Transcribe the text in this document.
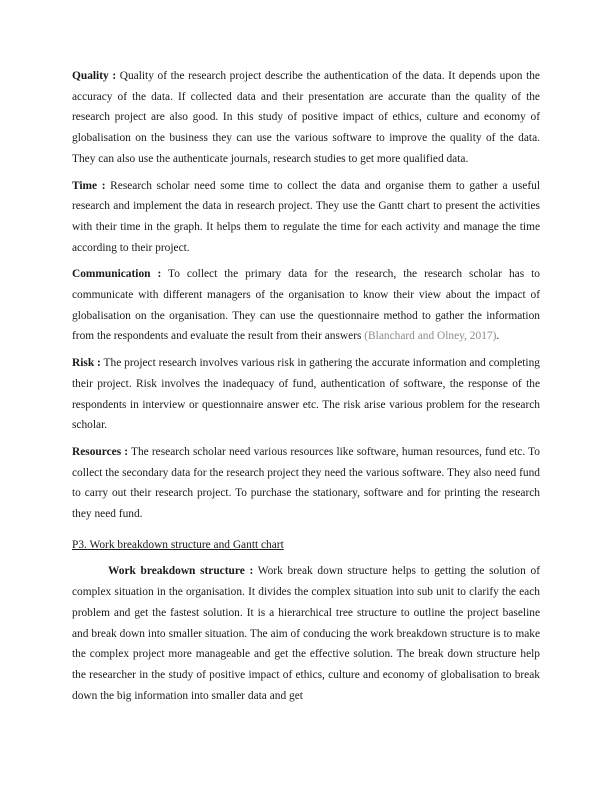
Quality : Quality of the research project describe the authentication of the data. It depends upon the accuracy of the data. If collected data and their presentation are accurate than the quality of the research project are also good. In this study of positive impact of ethics, culture and economy of globalisation on the business they can use the various software to improve the quality of the data. They can also use the authenticate journals, research studies to get more qualified data.

Time : Research scholar need some time to collect the data and organise them to gather a useful research and implement the data in research project. They use the Gantt chart to present the activities with their time in the graph. It helps them to regulate the time for each activity and manage the time according to their project.

Communication : To collect the primary data for the research, the research scholar has to communicate with different managers of the organisation to know their view about the impact of globalisation on the organisation. They can use the questionnaire method to gather the information from the respondents and evaluate the result from their answers (Blanchard and Olney, 2017).

Risk : The project research involves various risk in gathering the accurate information and completing their project. Risk involves the inadequacy of fund, authentication of software, the response of the respondents in interview or questionnaire answer etc. The risk arise various problem for the research scholar.

Resources : The research scholar need various resources like software, human resources, fund etc. To collect the secondary data for the research project they need the various software. They also need fund to carry out their research project. To purchase the stationary, software and for printing the research they need fund.

P3. Work breakdown structure and Gantt chart

Work breakdown structure : Work break down structure helps to getting the solution of complex situation in the organisation. It divides the complex situation into sub unit to clarify the each problem and get the fastest solution. It is a hierarchical tree structure to outline the project baseline and break down into smaller situation. The aim of conducing the work breakdown structure is to make the complex project more manageable and get the effective solution. The break down structure help the researcher in the study of positive impact of ethics, culture and economy of globalisation to break down the big information into smaller data and get
